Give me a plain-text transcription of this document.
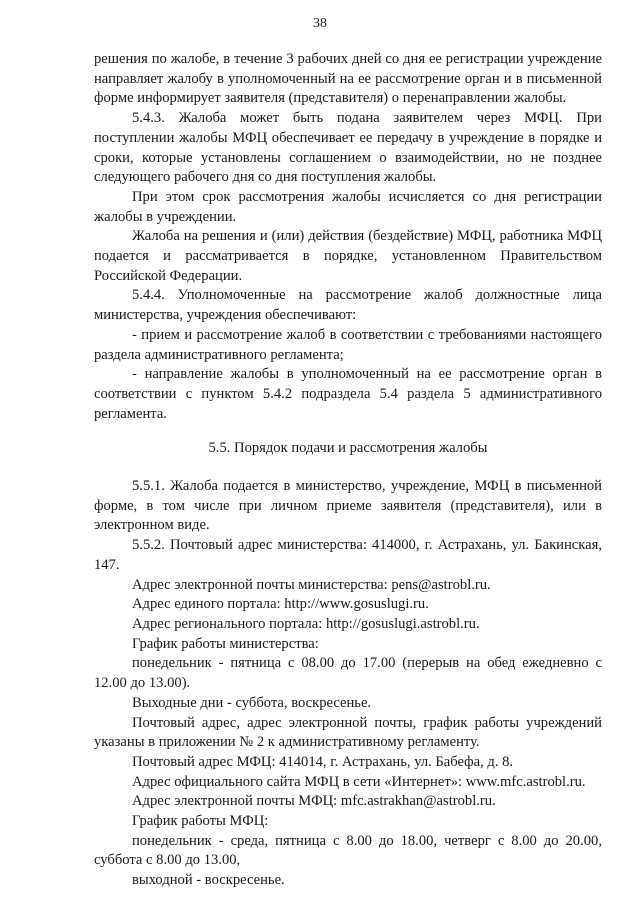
38

решения по жалобе, в течение 3 рабочих дней со дня ее регистрации учреждение направляет жалобу в уполномоченный на ее рассмотрение орган и в письменной форме информирует заявителя (представителя) о перенаправлении жалобы.

5.4.3. Жалоба может быть подана заявителем через МФЦ. При поступлении жалобы МФЦ обеспечивает ее передачу в учреждение в порядке и сроки, которые установлены соглашением о взаимодействии, но не позднее следующего рабочего дня со дня поступления жалобы.

При этом срок рассмотрения жалобы исчисляется со дня регистрации жалобы в учреждении.

Жалоба на решения и (или) действия (бездействие) МФЦ, работника МФЦ подается и рассматривается в порядке, установленном Правительством Российской Федерации.

5.4.4. Уполномоченные на рассмотрение жалоб должностные лица министерства, учреждения обеспечивают:

- прием и рассмотрение жалоб в соответствии с требованиями настоящего раздела административного регламента;

- направление жалобы в уполномоченный на ее рассмотрение орган в соответствии с пунктом 5.4.2 подраздела 5.4 раздела 5 административного регламента.

5.5. Порядок подачи и рассмотрения жалобы

5.5.1. Жалоба подается в министерство, учреждение, МФЦ в письменной форме, в том числе при личном приеме заявителя (представителя), или в электронном виде.

5.5.2. Почтовый адрес министерства: 414000, г. Астрахань, ул. Бакинская, 147.

Адрес электронной почты министерства: pens@astrobl.ru.

Адрес единого портала: http://www.gosuslugi.ru.

Адрес регионального портала: http://gosuslugi.astrobl.ru.

График работы министерства:

понедельник - пятница с 08.00 до 17.00 (перерыв на обед ежедневно с 12.00 до 13.00).

Выходные дни - суббота, воскресенье.

Почтовый адрес, адрес электронной почты, график работы учреждений указаны в приложении № 2 к административному регламенту.

Почтовый адрес МФЦ: 414014, г. Астрахань, ул. Бабефа, д. 8.

Адрес официального сайта МФЦ в сети «Интернет»: www.mfc.astrobl.ru.

Адрес электронной почты МФЦ: mfc.astrakhan@astrobl.ru.

График работы МФЦ:

понедельник - среда, пятница с 8.00 до 18.00, четверг с 8.00 до 20.00, суббота с 8.00 до 13.00,

выходной - воскресенье.
